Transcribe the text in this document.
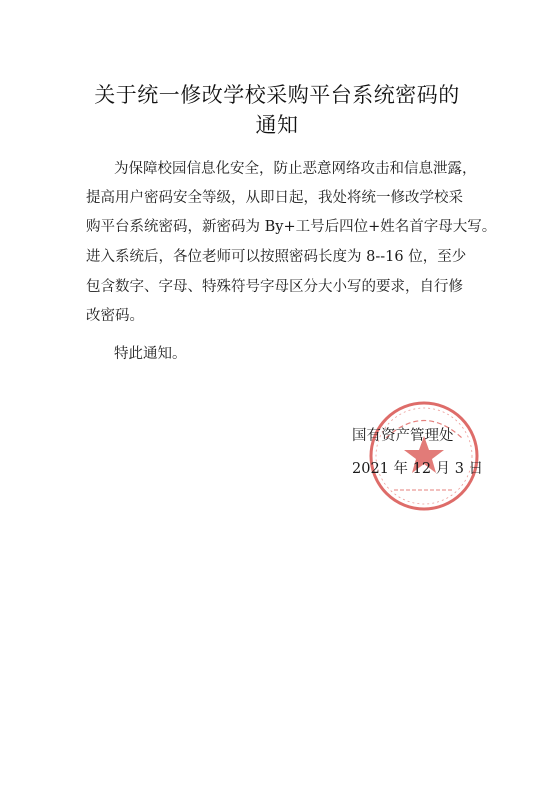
关于统一修改学校采购平台系统密码的
通知

为保障校园信息化安全，防止恶意网络攻击和信息泄露，

提高用户密码安全等级，从即日起，我处将统一修改学校采

购平台系统密码，新密码为 By+工号后四位+姓名首字母大写。

进入系统后，各位老师可以按照密码长度为 8--16 位，至少

包含数字、字母、特殊符号字母区分大小写的要求，自行修

改密码。

特此通知。

国有资产管理处

2021 年 12 月 3 日
